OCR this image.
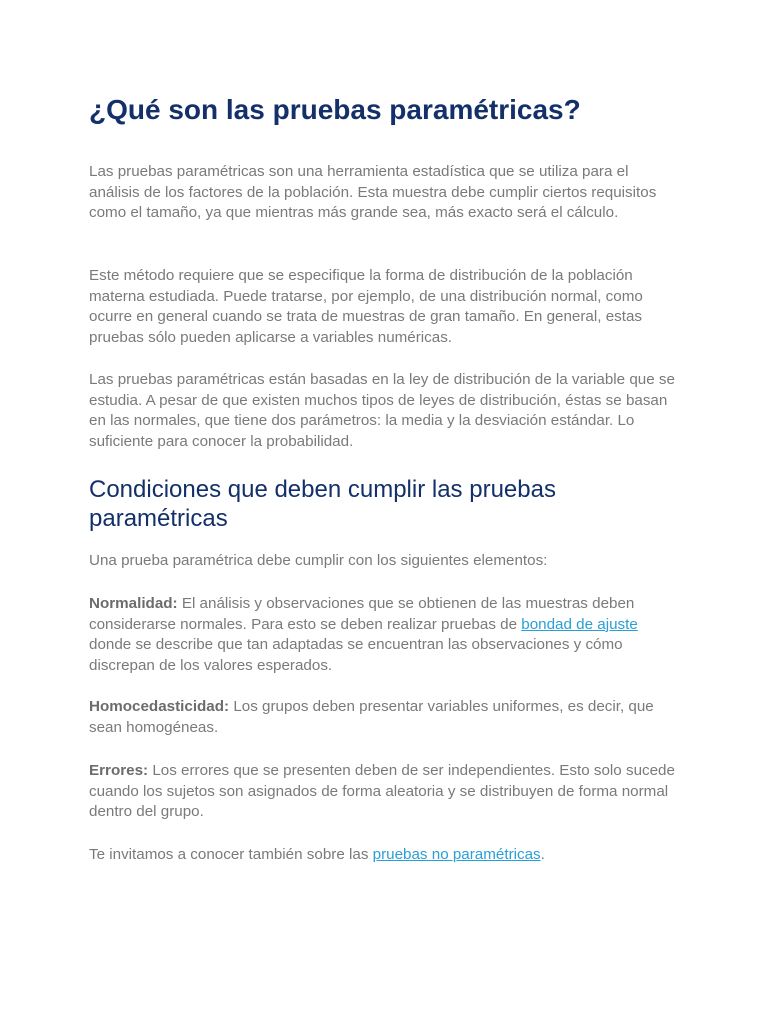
¿Qué son las pruebas paramétricas?

Las pruebas paramétricas son una herramienta estadística que se utiliza para el análisis de los factores de la población. Esta muestra debe cumplir ciertos requisitos como el tamaño, ya que mientras más grande sea, más exacto será el cálculo.

Este método requiere que se especifique la forma de distribución de la población materna estudiada. Puede tratarse, por ejemplo, de una distribución normal, como ocurre en general cuando se trata de muestras de gran tamaño. En general, estas pruebas sólo pueden aplicarse a variables numéricas.

Las pruebas paramétricas están basadas en la ley de distribución de la variable que se estudia. A pesar de que existen muchos tipos de leyes de distribución, éstas se basan en las normales, que tiene dos parámetros: la media y la desviación estándar. Lo suficiente para conocer la probabilidad.

Condiciones que deben cumplir las pruebas paramétricas

Una prueba paramétrica debe cumplir con los siguientes elementos:

Normalidad: El análisis y observaciones que se obtienen de las muestras deben considerarse normales. Para esto se deben realizar pruebas de bondad de ajuste donde se describe que tan adaptadas se encuentran las observaciones y cómo discrepan de los valores esperados.

Homocedasticidad: Los grupos deben presentar variables uniformes, es decir, que sean homogéneas.

Errores: Los errores que se presenten deben de ser independientes. Esto solo sucede cuando los sujetos son asignados de forma aleatoria y se distribuyen de forma normal dentro del grupo.

Te invitamos a conocer también sobre las pruebas no paramétricas.
